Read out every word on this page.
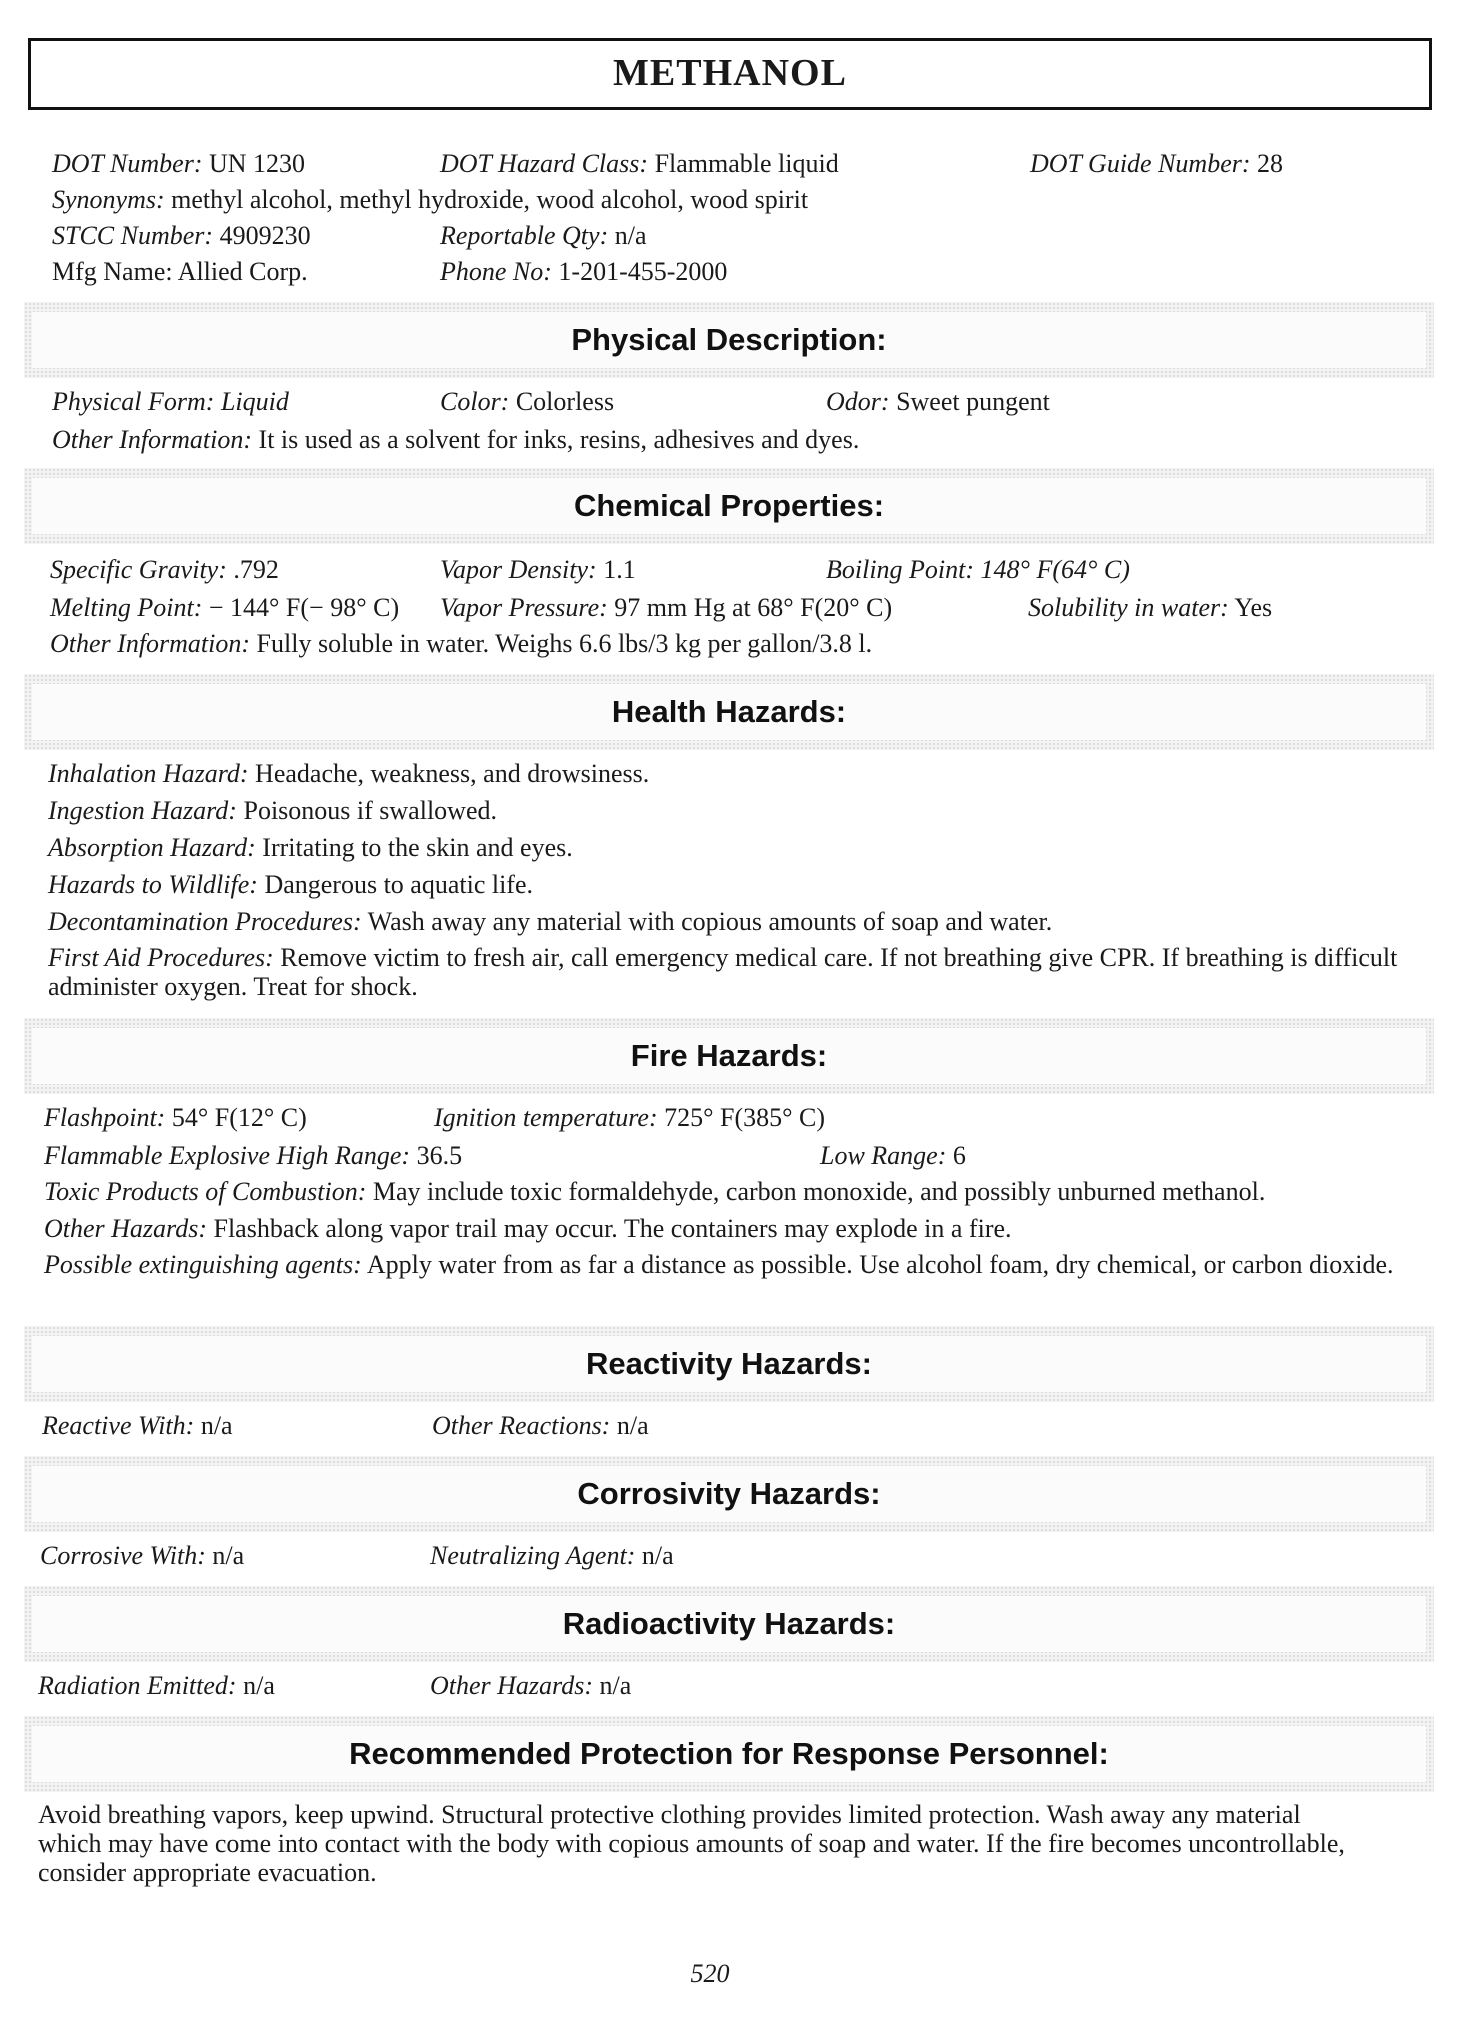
METHANOL
DOT Number: UN 1230	DOT Hazard Class: Flammable liquid	DOT Guide Number: 28
Synonyms: methyl alcohol, methyl hydroxide, wood alcohol, wood spirit
STCC Number: 4909230	Reportable Qty: n/a
Mfg Name: Allied Corp.	Phone No: 1-201-455-2000
Physical Description:
Physical Form: Liquid	Color: Colorless	Odor: Sweet pungent
Other Information: It is used as a solvent for inks, resins, adhesives and dyes.
Chemical Properties:
Specific Gravity: .792	Vapor Density: 1.1	Boiling Point: 148° F(64° C)
Melting Point: − 144° F(− 98° C) Vapor Pressure: 97 mm Hg at 68° F(20° C)	Solubility in water: Yes
Other Information: Fully soluble in water. Weighs 6.6 lbs/3 kg per gallon/3.8 l.
Health Hazards:
Inhalation Hazard: Headache, weakness, and drowsiness.
Ingestion Hazard: Poisonous if swallowed.
Absorption Hazard: Irritating to the skin and eyes.
Hazards to Wildlife: Dangerous to aquatic life.
Decontamination Procedures: Wash away any material with copious amounts of soap and water.
First Aid Procedures: Remove victim to fresh air, call emergency medical care. If not breathing give CPR. If breathing is difficult administer oxygen. Treat for shock.
Fire Hazards:
Flashpoint: 54° F(12° C)	Ignition temperature: 725° F(385° C)
Flammable Explosive High Range: 36.5	Low Range: 6
Toxic Products of Combustion: May include toxic formaldehyde, carbon monoxide, and possibly unburned methanol.
Other Hazards: Flashback along vapor trail may occur. The containers may explode in a fire.
Possible extinguishing agents: Apply water from as far a distance as possible. Use alcohol foam, dry chemical, or carbon dioxide.
Reactivity Hazards:
Reactive With: n/a	Other Reactions: n/a
Corrosivity Hazards:
Corrosive With: n/a	Neutralizing Agent: n/a
Radioactivity Hazards:
Radiation Emitted: n/a	Other Hazards: n/a
Recommended Protection for Response Personnel:
Avoid breathing vapors, keep upwind. Structural protective clothing provides limited protection. Wash away any material which may have come into contact with the body with copious amounts of soap and water. If the fire becomes uncontrollable, consider appropriate evacuation.
520
